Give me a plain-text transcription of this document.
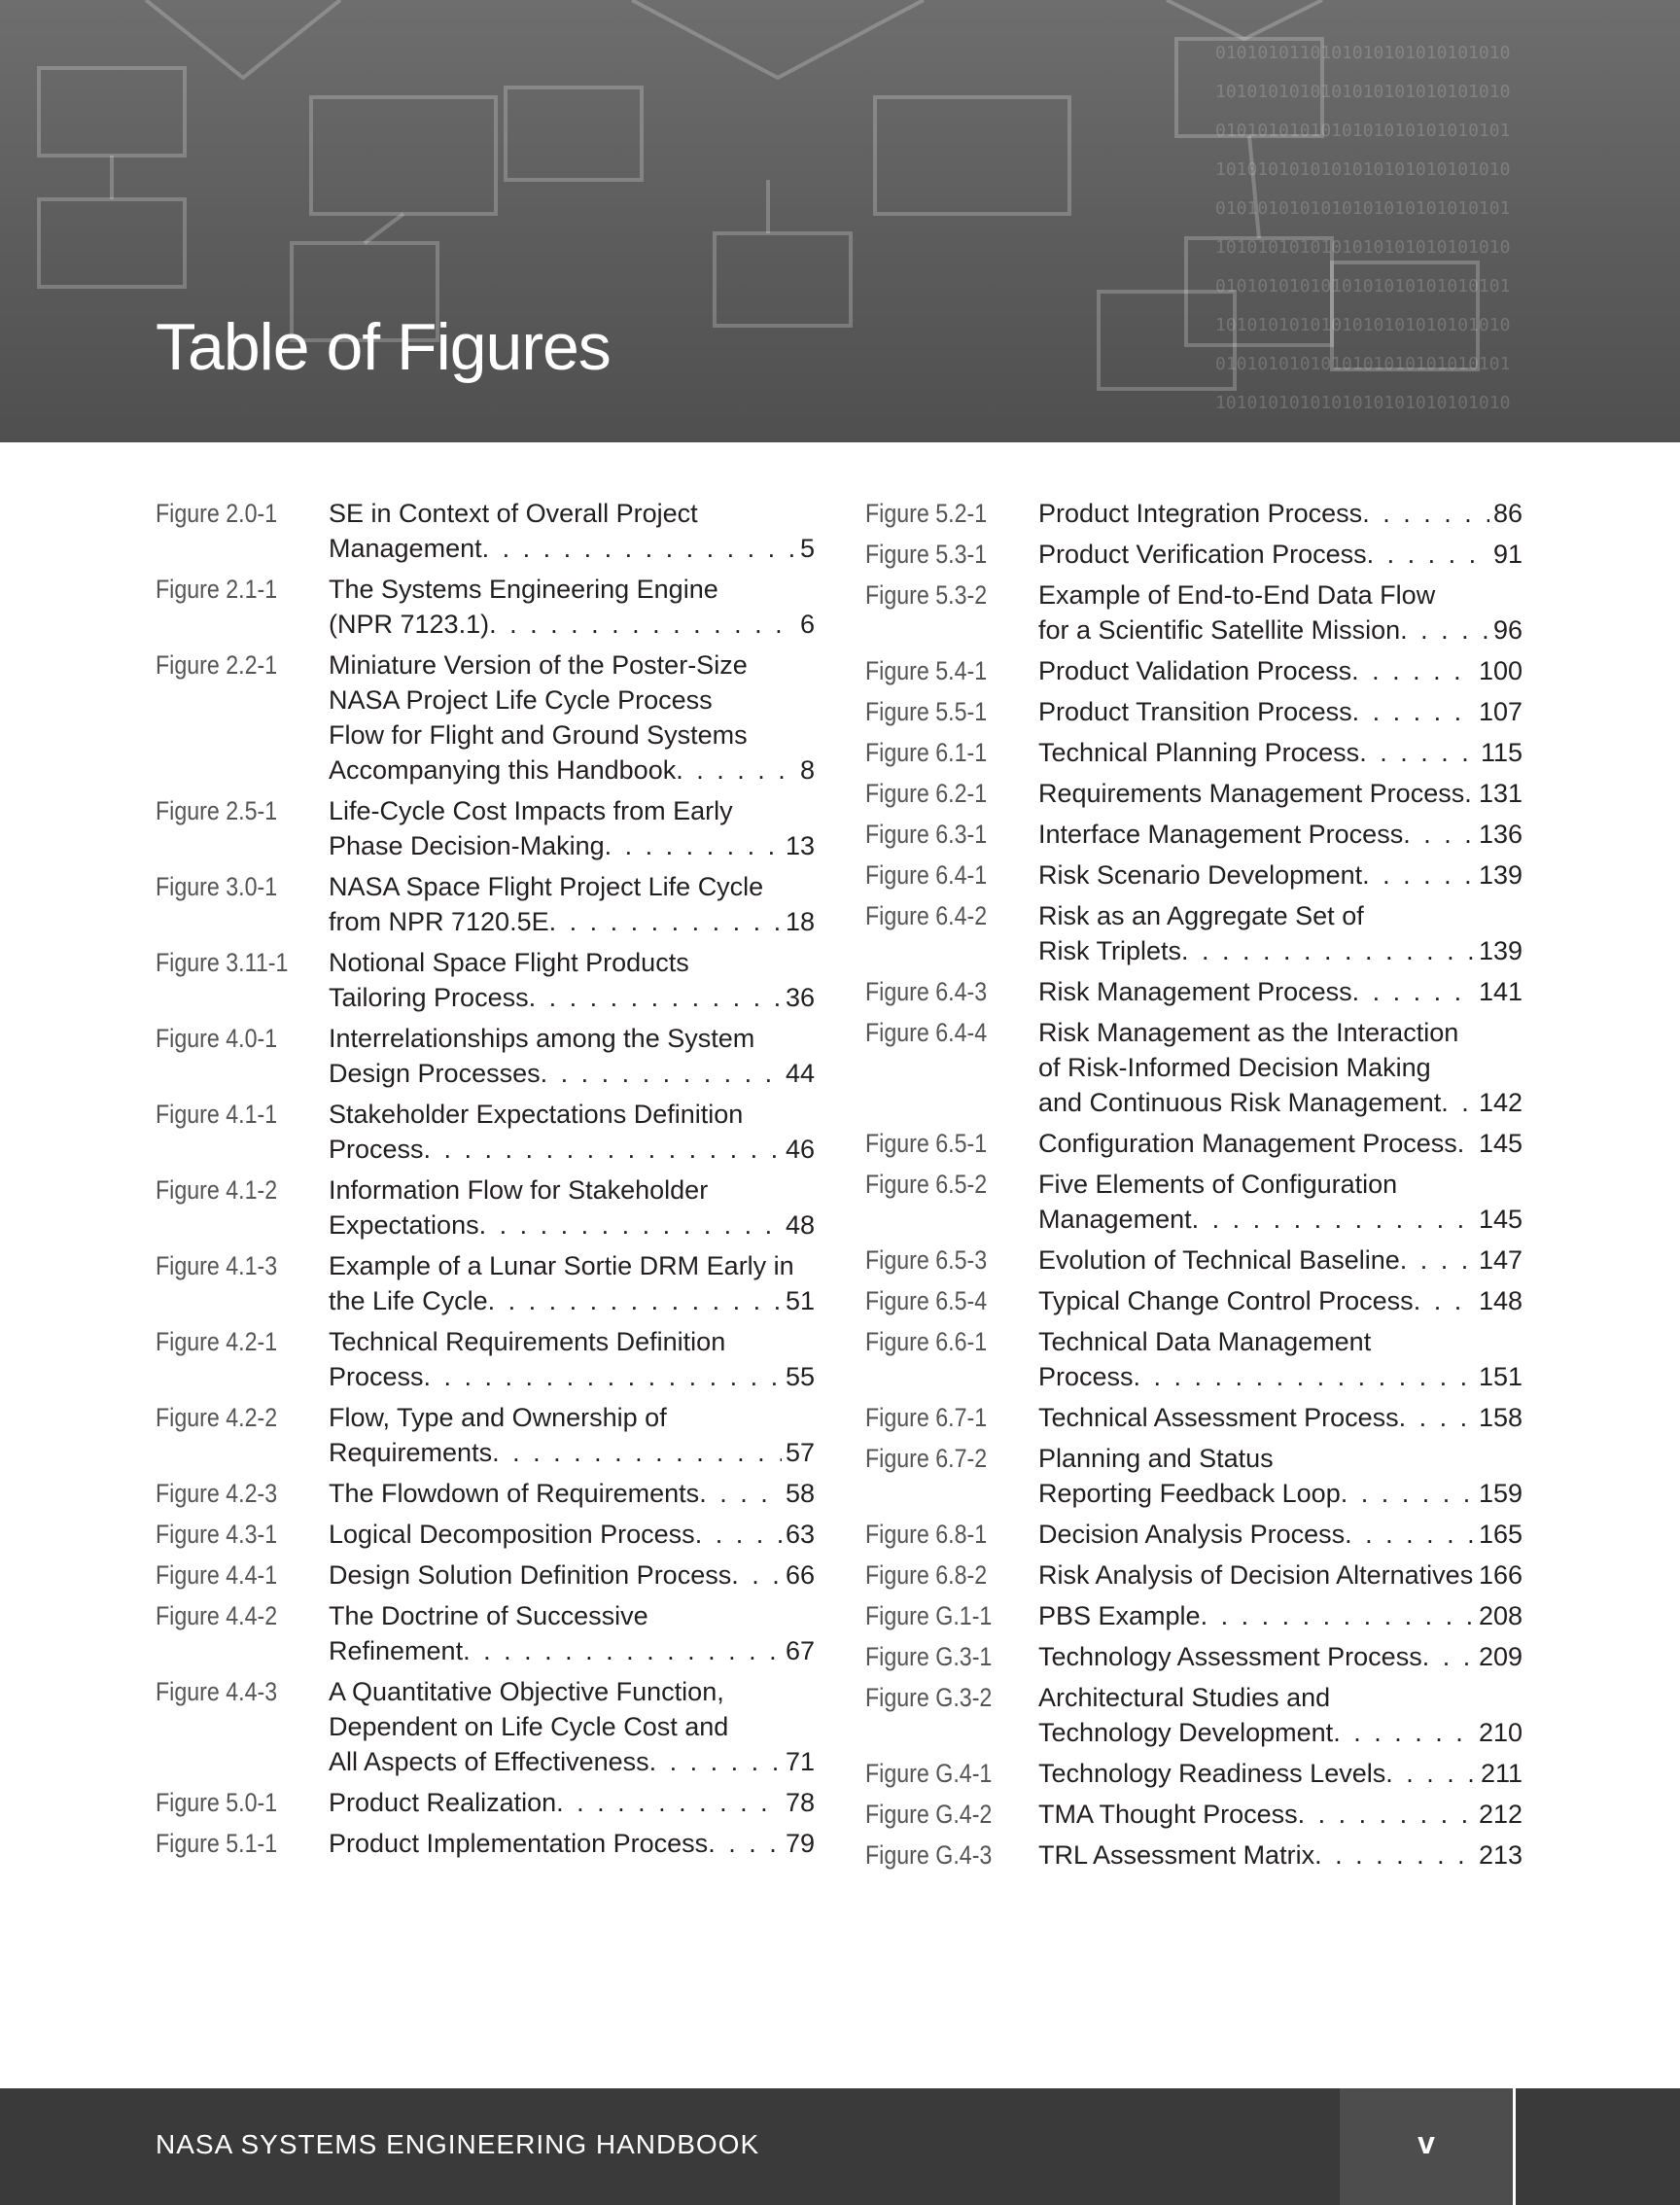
0101010110101010101010101010
1010101010101010101010101010
0101010101010101010101010101
1010101010101010101010101010
0101010101010101010101010101
1010101010101010101010101010
0101010101010101010101010101
1010101010101010101010101010
0101010101010101010101010101
1010101010101010101010101010
Table of Figures
Figure 2.0-1	SE in Context of Overall Project
Management . . .	5
Figure 2.1-1	The Systems Engineering Engine
(NPR 7123.1) . . .	6
Figure 2.2-1	Miniature Version of the Poster-Size
NASA Project Life Cycle Process
Flow for Flight and Ground Systems
Accompanying this Handbook . . .	8
Figure 2.5-1	Life-Cycle Cost Impacts from Early
Phase Decision-Making . . .	13
Figure 3.0-1	NASA Space Flight Project Life Cycle
from NPR 7120.5E . . .	18
Figure 3.11-1	Notional Space Flight Products
Tailoring Process . . .	36
Figure 4.0-1	Interrelationships among the System
Design Processes . . .	44
Figure 4.1-1	Stakeholder Expectations Definition
Process . . .	46
Figure 4.1-2	Information Flow for Stakeholder
Expectations . . .	48
Figure 4.1-3	Example of a Lunar Sortie DRM Early in
the Life Cycle . . .	51
Figure 4.2-1	Technical Requirements Definition
Process . . .	55
Figure 4.2-2	Flow, Type and Ownership of
Requirements . . .	57
Figure 4.2-3	The Flowdown of Requirements . . .	58
Figure 4.3-1	Logical Decomposition Process . . .	63
Figure 4.4-1	Design Solution Definition Process . . . 66
Figure 4.4-2	The Doctrine of Successive
Refinement . . .	67
Figure 4.4-3	A Quantitative Objective Function,
Dependent on Life Cycle Cost and
All Aspects of Effectiveness . . .	71
Figure 5.0-1	Product Realization . . .	78
Figure 5.1-1	Product Implementation Process . . .	79
Figure 5.2-1	Product Integration Process . . .	86
Figure 5.3-1	Product Verification Process . . .	91
Figure 5.3-2	Example of End-to-End Data Flow
for a Scientific Satellite Mission . . .	96
Figure 5.4-1	Product Validation Process . . .	100
Figure 5.5-1	Product Transition Process . . .	107
Figure 6.1-1	Technical Planning Process . . .	115
Figure 6.2-1	Requirements Management Process . . . 131
Figure 6.3-1	Interface Management Process . . .	136
Figure 6.4-1	Risk Scenario Development . . .	139
Figure 6.4-2	Risk as an Aggregate Set of
Risk Triplets . . .	139
Figure 6.4-3	Risk Management Process . . .	141
Figure 6.4-4	Risk Management as the Interaction
of Risk-Informed Decision Making
and Continuous Risk Management . . . 142
Figure 6.5-1	Configuration Management Process . . . 145
Figure 6.5-2	Five Elements of Configuration
Management . . .	145
Figure 6.5-3	Evolution of Technical Baseline . . .	147
Figure 6.5-4	Typical Change Control Process . . . 148
Figure 6.6-1	Technical Data Management
Process . . .	151
Figure 6.7-1	Technical Assessment Process . . .	158
Figure 6.7-2	Planning and Status
Reporting Feedback Loop . . .	159
Figure 6.8-1	Decision Analysis Process . . .	165
Figure 6.8-2	Risk Analysis of Decision Alternatives . . . 166
Figure G.1-1	PBS Example . . .	208
Figure G.3-1	Technology Assessment Process . . . 209
Figure G.3-2	Architectural Studies and
Technology Development . . .	210
Figure G.4-1	Technology Readiness Levels . . .	211
Figure G.4-2	TMA Thought Process . . .	212
Figure G.4-3	TRL Assessment Matrix . . .	213
NASA SYSTEMS ENGINEERING HANDBOOK	v
